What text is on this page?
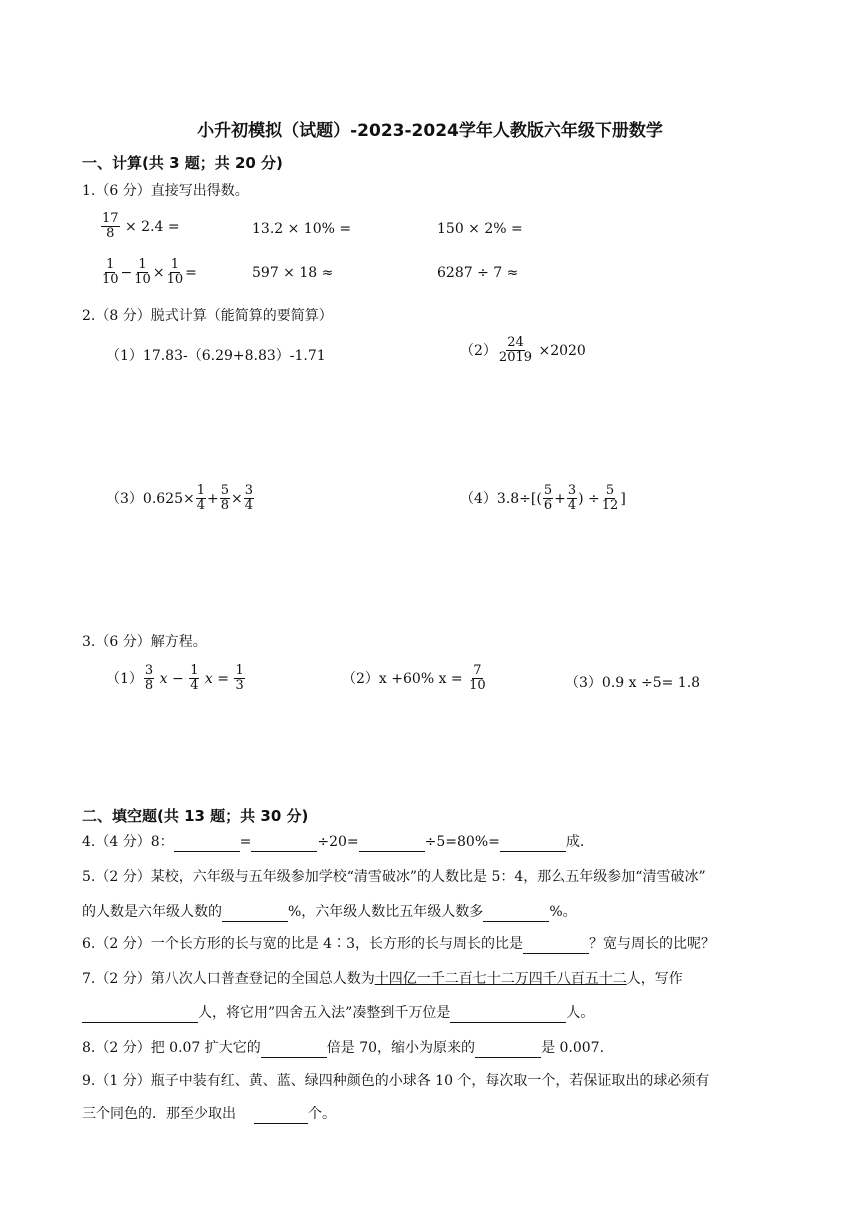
小升初模拟（试题）-2023-2024学年人教版六年级下册数学
一、计算(共 3 题；共 20 分)
1.（6 分）直接写出得数。
$\frac{17}{8} \times 2.4$ =	13.2 × 10% =	150 × 2% =
$\frac{1}{10} - \frac{1}{10} \times \frac{1}{10}$ =	597 × 18 ≈	6287 ÷ 7 ≈
2.（8 分）脱式计算（能简算的要简算）
（1）17.83-（6.29+8.83）-1.71	$(2) \frac{24}{2019} \times 2020$
$(3)0.625\times \frac{1}{4} + \frac{5}{8} \times \frac{3}{4}$	$(4)3.8\div[( \frac{5}{6} + \frac{3}{4}$ ) ÷ $\frac{5}{12}$ ]
3.（6 分）解方程。
$(1) \frac{3}{8}$ $x - \frac{1}{4}$ $x = \frac{1}{3}$	（2）x +60% $x = \frac{7}{10}$	（3）0.9 x ÷5= 1.8
二、填空题(共 13 题；共 30 分)
4.（4 分）8：	=	÷20=	÷5=80%=	成.
5.（2 分）某校，六年级与五年级参加学校“清雪破冰”的人数比是 5：4，那么五年级参加“清雪破冰”
的人数是六年级人数的	%，六年级人数比五年级人数多	%。
6.（2 分）一个长方形的长与宽的比是 4∶3，长方形的长与周长的比是	？宽与周长的比呢？
7.（2 分）第八次人口普查登记的全国总人数为十四亿一千二百七十二万四千八百五十二人，写作
人，将它用”四舍五入法”凑整到千万位是	人。
8.（2 分）把 0.07 扩大它的	倍是 70，缩小为原来的	是 0.007.
9.（1 分）瓶子中装有红、黄、蓝、绿四种颜色的小球各 10 个，每次取一个，若保证取出的球必须有
三个同色的．那至少取出	个。
